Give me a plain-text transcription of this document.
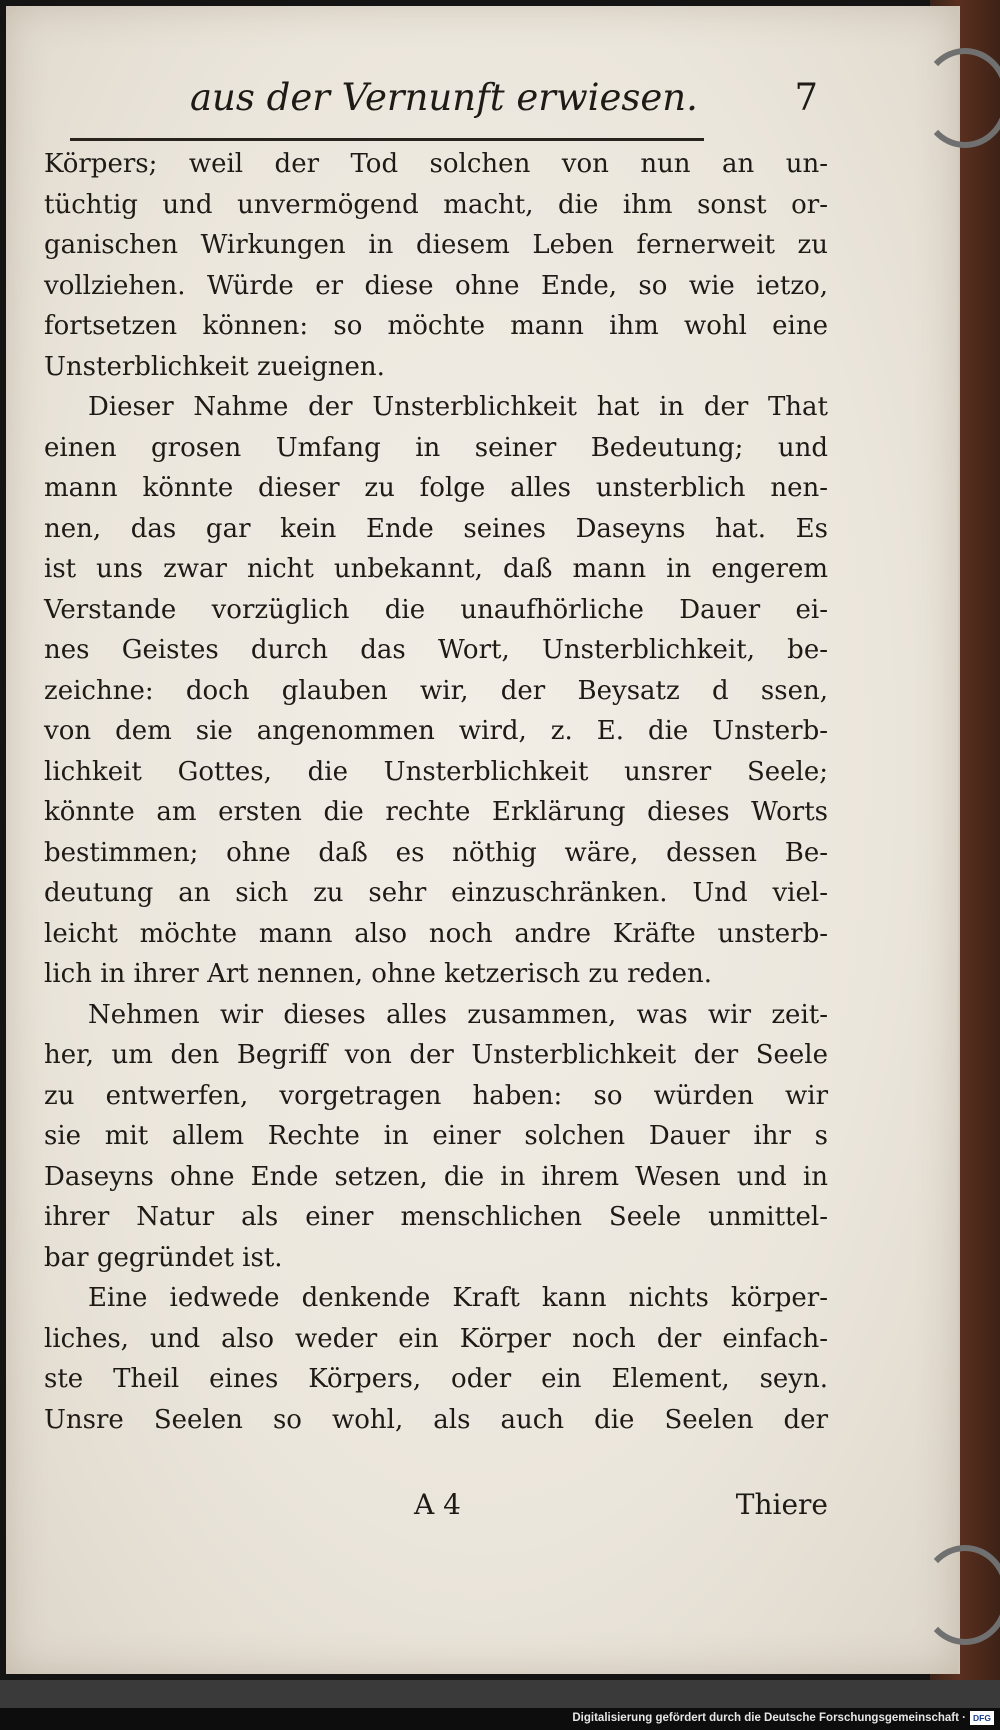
aus der Vernunft erwiesen.	7
Körpers; weil der Tod solchen von nun an un-
tüchtig und unvermögend macht, die ihm sonst or-
ganischen Wirkungen in diesem Leben fernerweit zu
vollziehen. Würde er diese ohne Ende, so wie ietzo,
fortsetzen können: so möchte mann ihm wohl eine
Unsterblichkeit zueignen.
Dieser Nahme der Unsterblichkeit hat in der That
einen grosen Umfang in seiner Bedeutung; und
mann könnte dieser zu folge alles unsterblich nen-
nen, das gar kein Ende seines Daseyns hat. Es
ist uns zwar nicht unbekannt, daß mann in engerem
Verstande vorzüglich die unaufhörliche Dauer ei-
nes Geistes durch das Wort, Unsterblichkeit, be-
zeichne: doch glauben wir, der Beysatz d ssen,
von dem sie angenommen wird, z. E. die Unsterb-
lichkeit Gottes, die Unsterblichkeit unsrer Seele;
könnte am ersten die rechte Erklärung dieses Worts
bestimmen; ohne daß es nöthig wäre, dessen Be-
deutung an sich zu sehr einzuschränken. Und viel-
leicht möchte mann also noch andre Kräfte unsterb-
lich in ihrer Art nennen, ohne ketzerisch zu reden.
Nehmen wir dieses alles zusammen, was wir zeit-
her, um den Begriff von der Unsterblichkeit der Seele
zu entwerfen, vorgetragen haben: so würden wir
sie mit allem Rechte in einer solchen Dauer ihr s
Daseyns ohne Ende setzen, die in ihrem Wesen und in
ihrer Natur als einer menschlichen Seele unmittel-
bar gegründet ist.
Eine iedwede denkende Kraft kann nichts körper-
liches, und also weder ein Körper noch der einfach-
ste Theil eines Körpers, oder ein Element, seyn.
Unsre Seelen so wohl, als auch die Seelen der
A 4	Thiere
Digitalisierung gefördert durch die Deutsche Forschungsgemeinschaft · DFG
